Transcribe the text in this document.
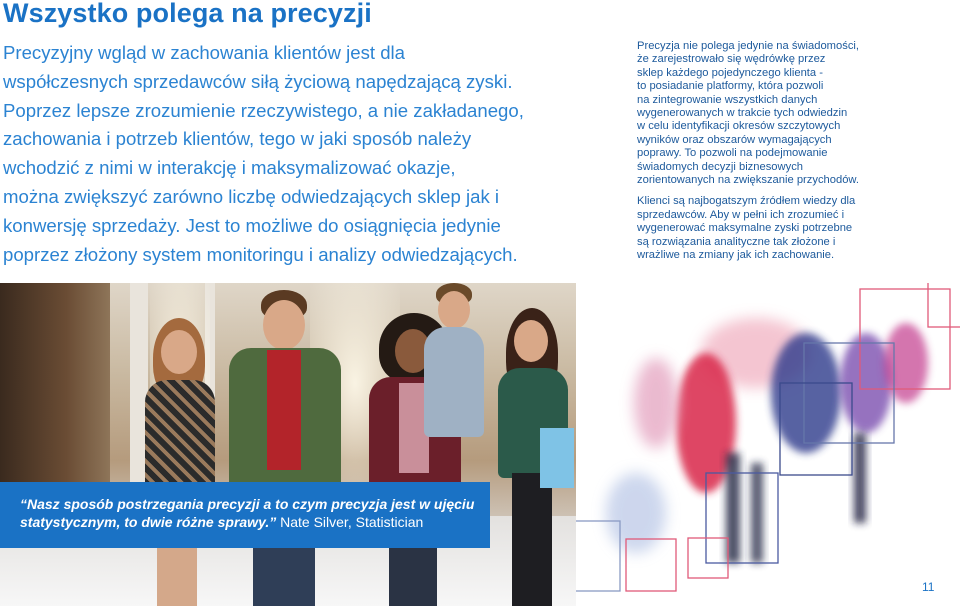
Wszystko polega na precyzji
Precyzyjny wgląd w zachowania klientów jest dla
współczesnych sprzedawców siłą życiową napędzającą zyski.
Poprzez lepsze zrozumienie rzeczywistego, a nie zakładanego,
zachowania i potrzeb klientów, tego w jaki sposób należy
wchodzić z nimi w interakcję i maksymalizować okazje,
można zwiększyć zarówno liczbę odwiedzających sklep jak i
konwersję sprzedaży. Jest to możliwe do osiągnięcia jedynie
poprzez złożony system monitoringu i analizy odwiedzających.

Precyzja nie polega jedynie na świadomości,
że zarejestrowało się wędrówkę przez
sklep każdego pojedynczego klienta -
to posiadanie platformy, która pozwoli
na zintegrowanie wszystkich danych
wygenerowanych w trakcie tych odwiedzin
w celu identyfikacji okresów szczytowych
wyników oraz obszarów wymagających
poprawy. To pozwoli na podejmowanie
świadomych decyzji biznesowych
zorientowanych na zwiększanie przychodów.

Klienci są najbogatszym źródłem wiedzy dla
sprzedawców. Aby w pełni ich zrozumieć i
wygenerować maksymalne zyski potrzebne
są rozwiązania analityczne tak złożone i
wrażliwe na zmiany jak ich zachowanie.

“Nasz sposób postrzegania precyzji a to czym precyzja jest w ujęciu
statystycznym, to dwie różne sprawy.” Nate Silver, Statistician
11
